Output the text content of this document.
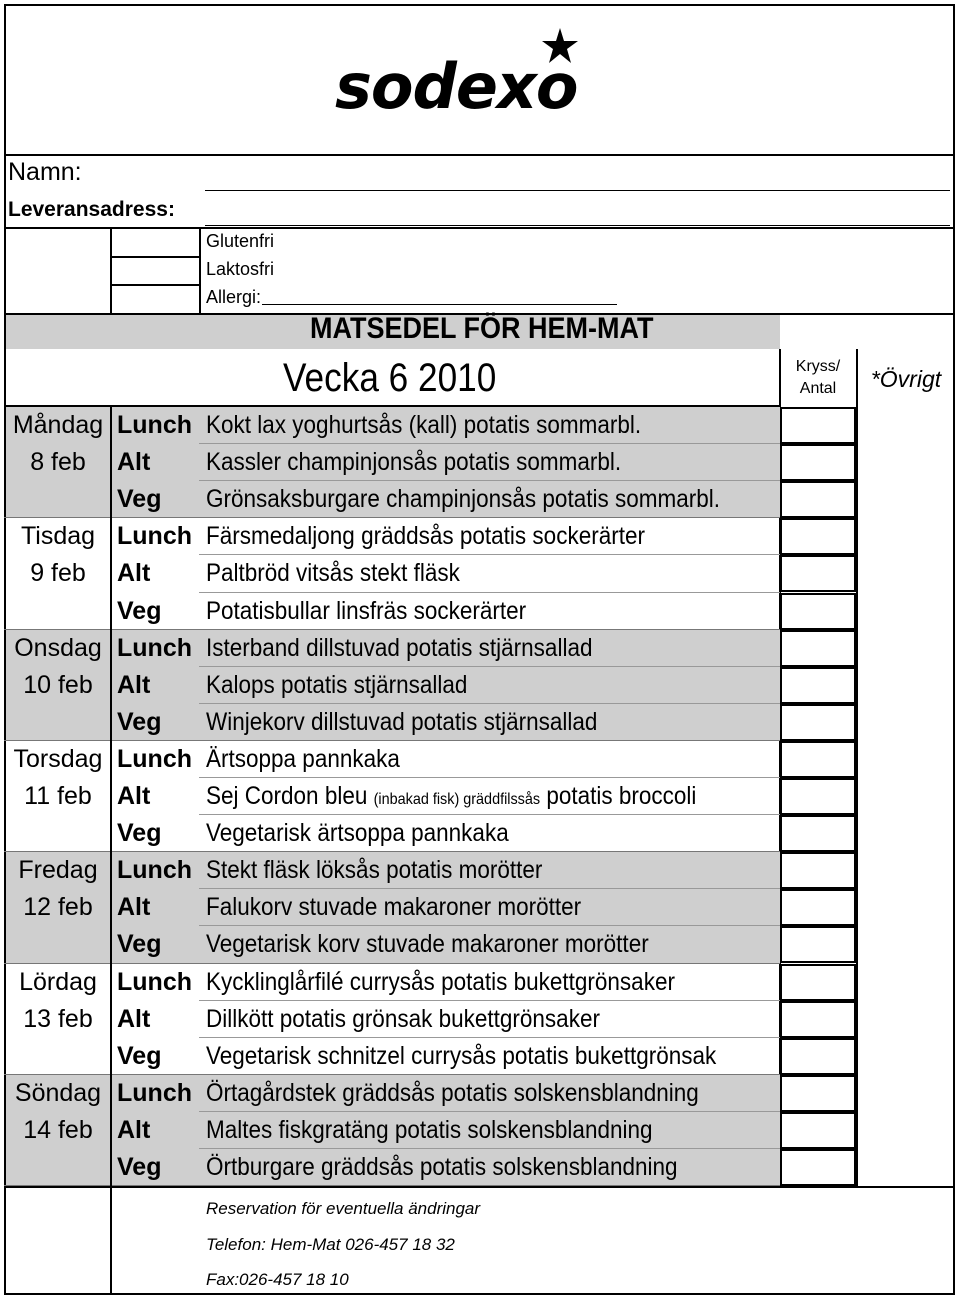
sodexo
Namn:
Leveransadress:
Glutenfri
Laktosfri
Allergi:
MATSEDEL FÖR HEM-MAT
Vecka 6 2010	Kryss/
Antal	*Övrigt
Måndag Lunch Kokt lax yoghurtsås (kall) potatis sommarbl.
8 feb	Alt Kassler champinjonsås potatis sommarbl.
Veg Grönsaksburgare champinjonsås potatis sommarbl.
Tisdag Lunch Färsmedaljong gräddsås potatis sockerärter
9 feb	Alt Paltbröd vitsås stekt fläsk
Veg Potatisbullar linsfräs sockerärter
Onsdag Lunch Isterband dillstuvad potatis stjärnsallad
10 feb Alt Kalops potatis stjärnsallad
Veg Winjekorv dillstuvad potatis stjärnsallad
Torsdag Lunch Ärtsoppa pannkaka
11 feb	Alt Sej Cordon bleu (inbakad fisk) gräddfilssås potatis broccoli
Veg Vegetarisk ärtsoppa pannkaka
Fredag Lunch Stekt fläsk löksås potatis morötter
12 feb Alt Falukorv stuvade makaroner morötter
Veg Vegetarisk korv stuvade makaroner morötter
Lördag Lunch Kycklinglårfilé currysås potatis bukettgrönsaker
13 feb Alt Dillkött potatis grönsak bukettgrönsaker
Veg Vegetarisk schnitzel currysås potatis bukettgrönsak
Söndag Lunch Örtagårdstek gräddsås potatis solskensblandning
14 feb Alt Maltes fiskgratäng potatis solskensblandning
Veg Örtburgare gräddsås potatis solskensblandning
Reservation för eventuella ändringar
Telefon: Hem-Mat 026-457 18 32
Fax:026-457 18 10
